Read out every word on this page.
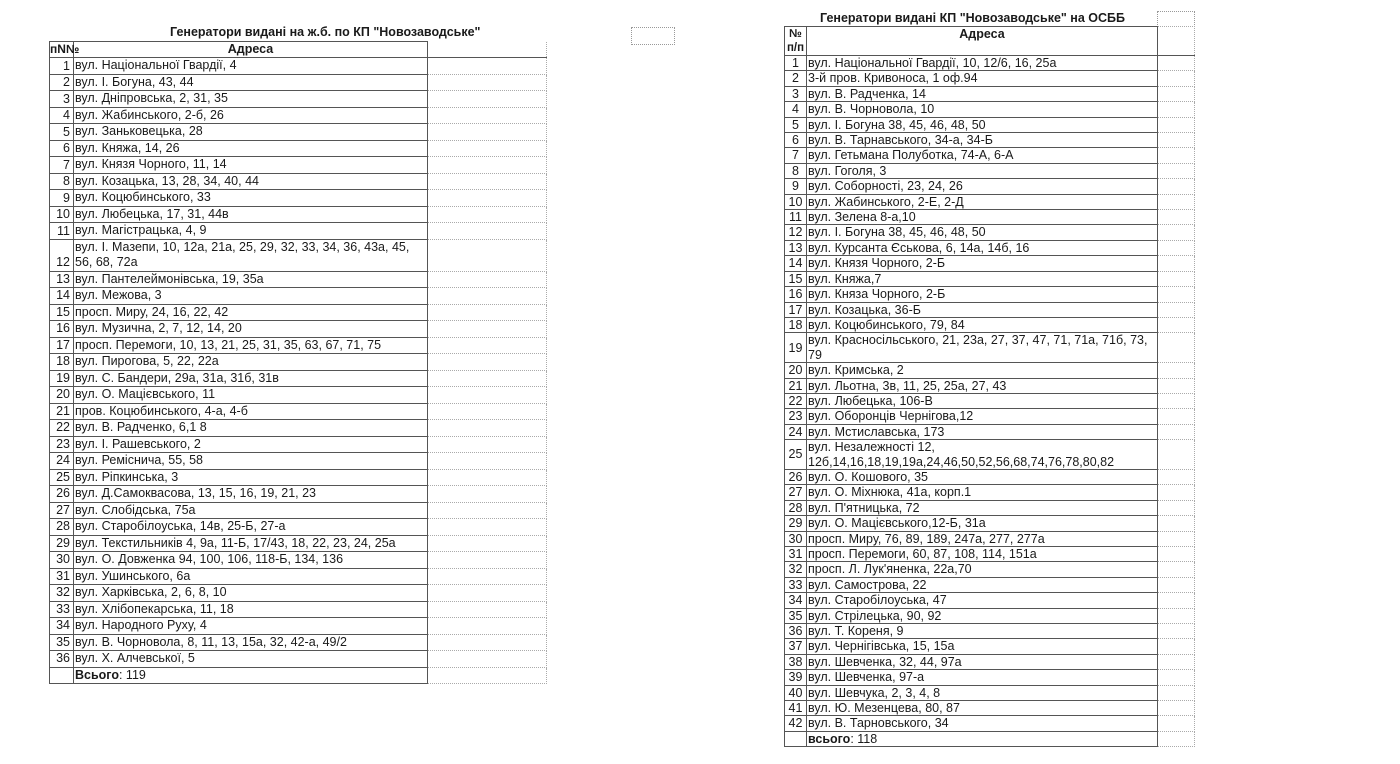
Генератори видані на ж.б. по КП "Новозаводське"
пN№	Адреса	
1	вул. Національної Гвардії, 4	
2	вул. І. Богуна, 43, 44	
3	вул. Дніпровська, 2, 31, 35	
4	вул. Жабинського, 2-б, 26	
5	вул. Заньковецька, 28	
6	вул. Княжа, 14, 26	
7	вул. Князя Чорного, 11, 14	
8	вул. Козацька, 13, 28, 34, 40, 44	
9	вул. Коцюбинського, 33	
10	вул. Любецька, 17, 31, 44в	
11	вул. Магістрацька, 4, 9	
12	вул. І. Мазепи, 10, 12а, 21а, 25, 29, 32, 33, 34, 36, 43а, 45, 56, 68, 72а	
13	вул. Пантелеймонівська, 19, 35а	
14	вул. Межова, 3	
15	просп. Миру, 24, 16, 22, 42	
16	вул. Музична, 2, 7, 12, 14, 20	
17	просп. Перемоги, 10, 13, 21, 25, 31, 35, 63, 67, 71, 75	
18	вул. Пирогова, 5, 22, 22а	
19	вул. С. Бандери, 29а, 31а, 31б, 31в	
20	вул. О. Мацієвського, 11	
21	пров. Коцюбинського, 4-а, 4-б	
22	вул. В. Радченко, 6,1 8	
23	вул. І. Рашевського, 2	
24	вул. Ремiснича, 55, 58	
25	вул. Ріпкинська, 3	
26	вул. Д.Самоквасова, 13, 15, 16, 19, 21, 23	
27	вул. Слобідська, 75а	
28	вул. Старобілоуська, 14в, 25-Б, 27-а	
29	вул. Текстильників 4, 9а, 11-Б, 17/43, 18, 22, 23, 24, 25а	
30	вул. О. Довженка 94, 100, 106, 118-Б, 134, 136	
31	вул. Ушинського, 6а	
32	вул. Харківська, 2, 6, 8, 10	
33	вул. Хлібопекарська, 11, 18	
34	вул. Народного Руху, 4	
35	вул. В. Чорновола, 8, 11, 13, 15а, 32, 42-а, 49/2	
36	вул. Х. Алчевської, 5	
	Всього: 119	
Генератори видані КП "Новозаводське" на ОСББ
№
п/п	Адреса	
1	вул. Національної Гвардії, 10, 12/6, 16, 25а	
2	3-й пров. Кривоноса, 1 оф.94	
3	вул. В. Радченка, 14	
4	вул. В. Чорновола, 10	
5	вул. І. Богуна 38, 45, 46, 48, 50	
6	вул. В. Тарнавського, 34-а, 34-Б	
7	вул. Гетьмана Полуботка, 74-А, 6-А	
8	вул. Гоголя, 3	
9	вул. Соборності, 23, 24, 26	
10	вул. Жабинського, 2-Е, 2-Д	
11	вул. Зелена 8-а,10	
12	вул. І. Богуна 38, 45, 46, 48, 50	
13	вул. Курсанта Єськова, 6, 14а, 14б, 16	
14	вул. Князя Чорного, 2-Б	
15	вул. Княжа,7	
16	вул. Княза Чорного, 2-Б	
17	вул. Козацька, 36-Б	
18	вул. Коцюбинського, 79, 84	
19	вул. Красносільського, 21, 23а, 27, 37, 47, 71, 71а, 71б, 73, 79	
20	вул. Кримська, 2	
21	вул. Льотна, 3в, 11, 25, 25а, 27, 43	
22	вул. Любецька, 106-В	
23	вул. Оборонців Чернігова,12	
24	вул. Мстиславська, 173	
25	вул. Незалежності 12, 12б,14,16,18,19,19а,24,46,50,52,56,68,74,76,78,80,82	
26	вул. О. Кошового, 35	
27	вул. О. Міхнюка, 41а, корп.1	
28	вул. П'ятницька, 72	
29	вул. О. Мацієвського,12-Б, 31а	
30	просп. Миру, 76, 89, 189, 247а, 277, 277а	
31	просп. Перемоги, 60, 87, 108, 114, 151а	
32	просп. Л. Лук'яненка, 22а,70	
33	вул. Самострова, 22	
34	вул. Старобілоуська, 47	
35	вул. Стрілецька, 90, 92	
36	вул. Т. Кореня, 9	
37	вул. Чернігівська, 15, 15а	
38	вул. Шевченка, 32, 44, 97а	
39	вул. Шевченка, 97-а	
40	вул. Шевчука, 2, 3, 4, 8	
41	вул. Ю. Мезенцева, 80, 87	
42	вул. В. Тарновського, 34	
	всього: 118	
